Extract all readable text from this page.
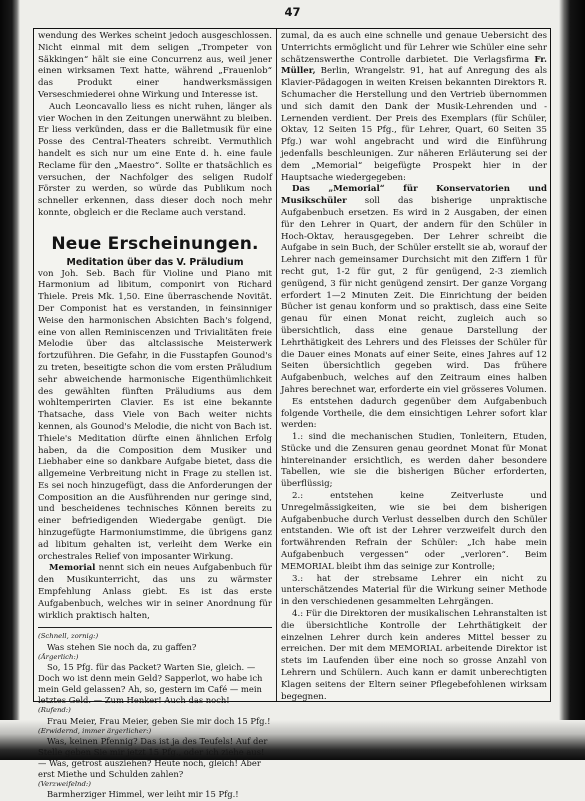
47

wendung des Werkes scheint jedoch ausgeschlossen. Nicht einmal mit dem seligen „Trompeter von Säkkingen“ hält sie eine Concurrenz aus, weil jener einen wirksamen Text hatte, während „Frauenlob“ das Produkt einer handwerksmässigen Verseschmiederei ohne Wirkung und Interesse ist.

Auch Leoncavallo liess es nicht ruhen, länger als vier Wochen in den Zeitungen unerwähnt zu bleiben. Er liess verkünden, dass er die Balletmusik für eine Posse des Central-Theaters schreibt. Vermuthlich handelt es sich nur um eine Ente d. h. eine faule Reclame für den „Maestro“. Sollte er thatsächlich es versuchen, der Nachfolger des seligen Rudolf Förster zu werden, so würde das Publikum noch schneller erkennen, dass dieser doch noch mehr konnte, obgleich er die Reclame auch verstand.

Neue Erscheinungen.

Meditation über das V. Präludium

von Joh. Seb. Bach für Violine und Piano mit Harmonium ad libitum, componirt von Richard Thiele. Preis Mk. 1,50. Eine überraschende Novität. Der Componist hat es verstanden, in feinsinniger Weise den harmonischen Absichten Bach's folgend, eine von allen Reminiscenzen und Trivialitäten freie Melodie über das altclassische Meisterwerk fortzuführen. Die Gefahr, in die Fusstapfen Gounod's zu treten, beseitigte schon die vom ersten Präludium sehr abweichende harmonische Eigenthümlichkeit des gewählten fünften Präludiums aus dem wohltemperirten Clavier. Es ist eine bekannte Thatsache, dass Viele von Bach weiter nichts kennen, als Gounod's Melodie, die nicht von Bach ist. Thiele's Meditation dürfte einen ähnlichen Erfolg haben, da die Composition dem Musiker und Liebhaber eine so dankbare Aufgabe bietet, dass die allgemeine Verbreitung nicht in Frage zu stellen ist. Es sei noch hinzugefügt, dass die Anforderungen der Composition an die Ausführenden nur geringe sind, und bescheidenes technisches Können bereits zu einer befriedigenden Wiedergabe genügt. Die hinzugefügte Harmoniumstimme, die übrigens ganz ad libitum gehalten ist, verleiht dem Werke ein orchestrales Relief von imposanter Wirkung.

Memorial nennt sich ein neues Aufgabenbuch für den Musikunterricht, das uns zu wärmster Empfehlung Anlass giebt. Es ist das erste Aufgabenbuch, welches wir in seiner Anordnung für wirklich praktisch halten,

(Schnell, zornig:)

Was stehen Sie noch da, zu gaffen?

(Ärgerlich:)

So, 15 Pfg. für das Packet? Warten Sie, gleich. — Doch wo ist denn mein Geld? Sapperlot, wo habe ich mein Geld gelassen? Ah, so, gestern im Café — mein letztes Geld. — Zum Henker! Auch das noch!

(Rufend:)

Frau Meier, Frau Meier, geben Sie mir doch 15 Pfg.!

(Erwidernd, immer ärgerlicher:)

Was, keinen Pfennig? Das ist ja des Teufels! Auf der Stelle geben Sie mir jetzt 15 Pfg., oder ich ziehe aus! — Was, getrost ausziehen? Heute noch, gleich! Aber erst Miethe und Schulden zahlen?

(Verzweifelnd:)

Barmherziger Himmel, wer leiht mir 15 Pfg.!

zumal, da es auch eine schnelle und genaue Uebersicht des Unterrichts ermöglicht und für Lehrer wie Schüler eine sehr schätzenswerthe Controlle darbietet. Die Verlagsfirma Fr. Müller, Berlin, Wrangelstr. 91, hat auf Anregung des als Klavier-Pädagogen in weiten Kreisen bekannten Direktors R. Schumacher die Herstellung und den Vertrieb übernommen und sich damit den Dank der Musik-Lehrenden und -Lernenden verdient. Der Preis des Exemplars (für Schüler, Oktav, 12 Seiten 15 Pfg., für Lehrer, Quart, 60 Seiten 35 Pfg.) war wohl angebracht und wird die Einführung jedenfalls beschleunigen. Zur näheren Erläuterung sei der dem „Memorial“ beigefügte Prospekt hier in der Hauptsache wiedergegeben:

Das „Memorial“ für Konservatorien und Musikschüler soll das bisherige unpraktische Aufgabenbuch ersetzen. Es wird in 2 Ausgaben, der einen für den Lehrer in Quart, der andern für den Schüler in Hoch-Oktav, herausgegeben. Der Lehrer schreibt die Aufgabe in sein Buch, der Schüler erstellt sie ab, worauf der Lehrer nach gemeinsamer Durchsicht mit den Ziffern 1 für recht gut, 1-2 für gut, 2 für genügend, 2-3 ziemlich genügend, 3 für nicht genügend zensirt. Der ganze Vorgang erfordert 1—2 Minuten Zeit. Die Einrichtung der beiden Bücher ist genau konform und so praktisch, dass eine Seite genau für einen Monat reicht, zugleich auch so übersichtlich, dass eine genaue Darstellung der Lehrthätigkeit des Lehrers und des Fleisses der Schüler für die Dauer eines Monats auf einer Seite, eines Jahres auf 12 Seiten übersichtlich gegeben wird. Das frühere Aufgabenbuch, welches auf den Zeitraum eines halben Jahres berechnet war, erforderte ein viel grösseres Volumen.

Es entstehen dadurch gegenüber dem Aufgabenbuch folgende Vortheile, die dem einsichtigen Lehrer sofort klar werden:

1.: sind die mechanischen Studien, Tonleitern, Etuden, Stücke und die Zensuren genau geordnet Monat für Monat hintereinander ersichtlich, es werden daher besondere Tabellen, wie sie die bisherigen Bücher erforderten, überflüssig;

2.: entstehen keine Zeitverluste und Unregelmässigkeiten, wie sie bei dem bisherigen Aufgabenbuche durch Verlust desselben durch den Schüler entstanden. Wie oft ist der Lehrer verzweifelt durch den fortwährenden Refrain der Schüler: „Ich habe mein Aufgabenbuch vergessen“ oder „verloren“. Beim MEMORIAL bleibt ihm das seinige zur Kontrolle;

3.: hat der strebsame Lehrer ein nicht zu unterschätzendes Material für die Wirkung seiner Methode in den verschiedenen gesammelten Lehrgängen.

4.: Für die Direktoren der musikalischen Lehranstalten ist die übersichtliche Kontrolle der Lehrthätigkeit der einzelnen Lehrer durch kein anderes Mittel besser zu erreichen. Der mit dem MEMORIAL arbeitende Direktor ist stets im Laufenden über eine noch so grosse Anzahl von Lehrern und Schülern. Auch kann er damit unberechtigten Klagen seitens der Eltern seiner Pflegebefohlenen wirksam begegnen.
